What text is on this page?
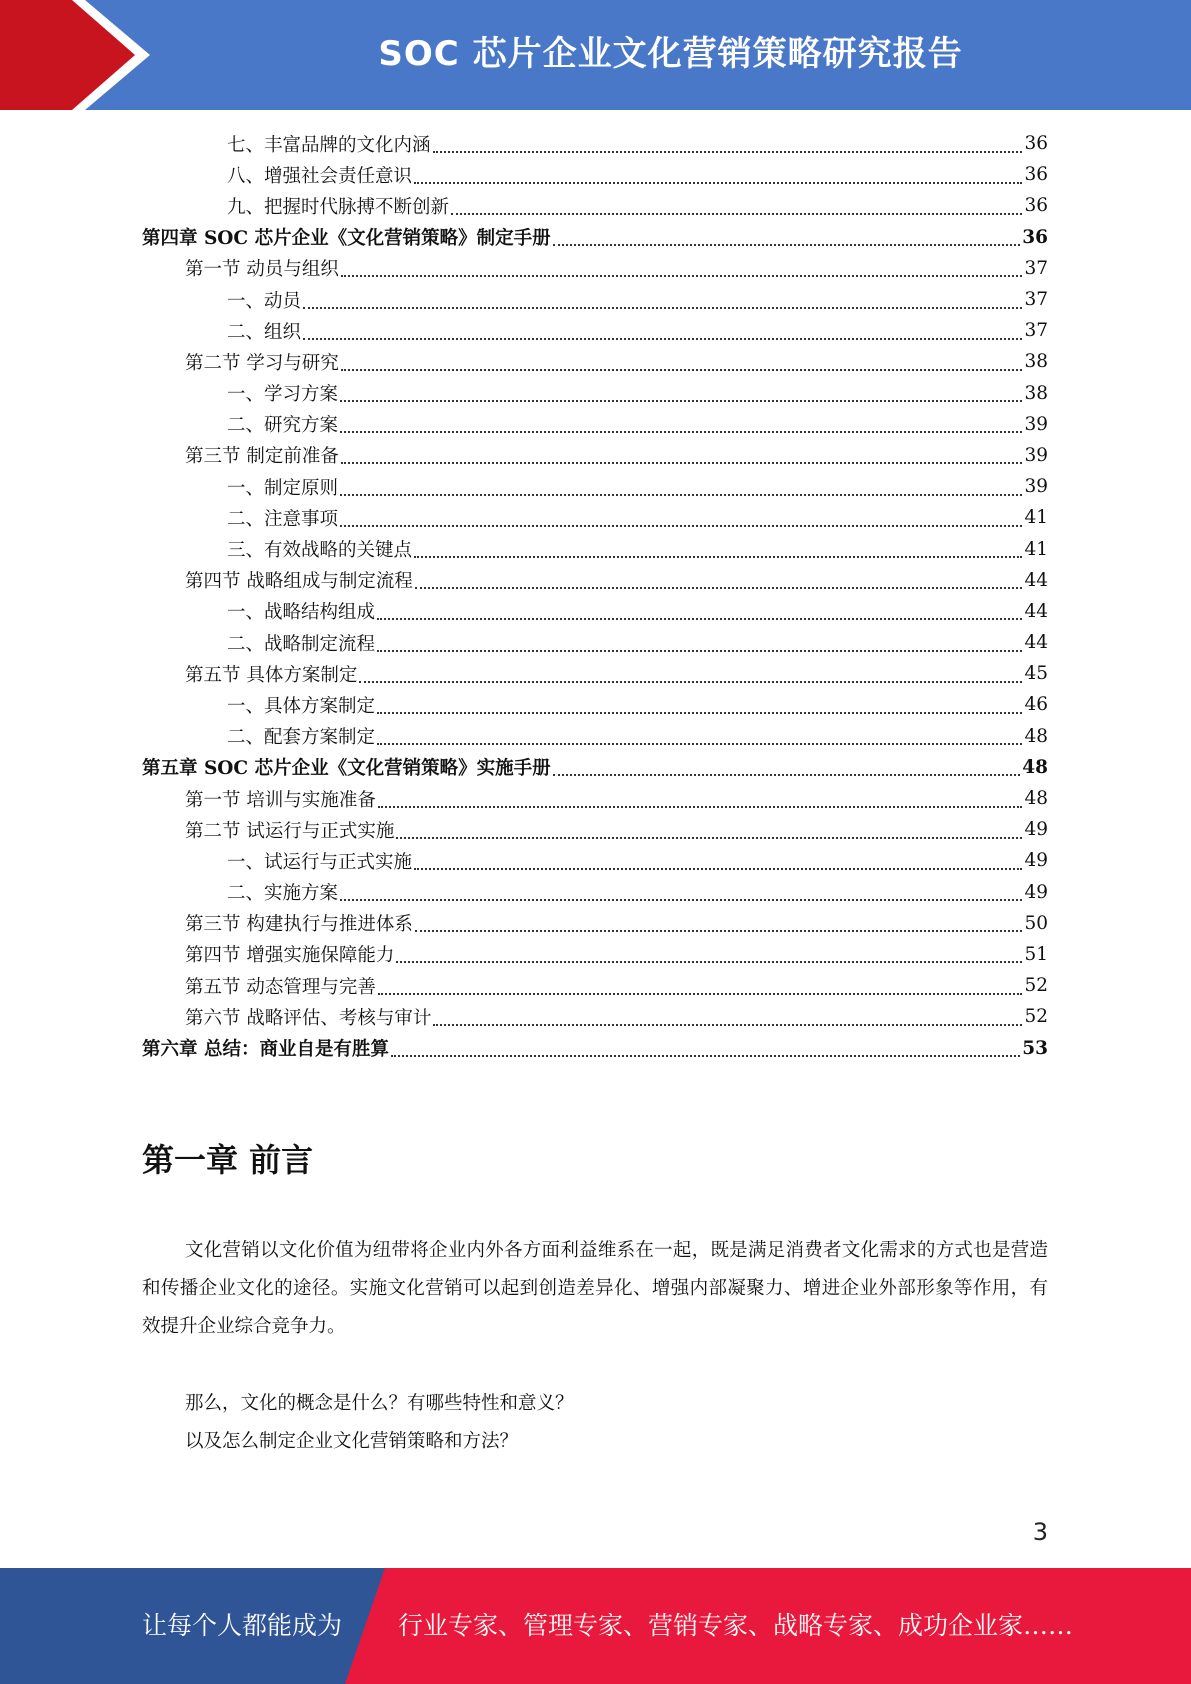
SOC 芯片企业文化营销策略研究报告
七、丰富品牌的文化内涵	36
八、增强社会责任意识	36
九、把握时代脉搏不断创新	36
第四章 SOC 芯片企业《文化营销策略》制定手册	36
第一节 动员与组织	37
一、动员	37
二、组织	37
第二节 学习与研究	38
一、学习方案	38
二、研究方案	39
第三节 制定前准备	39
一、制定原则	39
二、注意事项	41
三、有效战略的关键点	41
第四节 战略组成与制定流程	44
一、战略结构组成	44
二、战略制定流程	44
第五节 具体方案制定	45
一、具体方案制定	46
二、配套方案制定	48
第五章 SOC 芯片企业《文化营销策略》实施手册	48
第一节 培训与实施准备	48
第二节 试运行与正式实施	49
一、试运行与正式实施	49
二、实施方案	49
第三节 构建执行与推进体系	50
第四节 增强实施保障能力	51
第五节 动态管理与完善	52
第六节 战略评估、考核与审计	52
第六章 总结：商业自是有胜算	53
第一章 前言

文化营销以文化价值为纽带将企业内外各方面利益维系在一起，既是满足消费者文化需求的方式也是营造和传播企业文化的途径。实施文化营销可以起到创造差异化、增强内部凝聚力、增进企业外部形象等作用，有效提升企业综合竞争力。

那么，文化的概念是什么？有哪些特性和意义？

以及怎么制定企业文化营销策略和方法？

3
让每个人都能成为 行业专家、管理专家、营销专家、战略专家、成功企业家……
